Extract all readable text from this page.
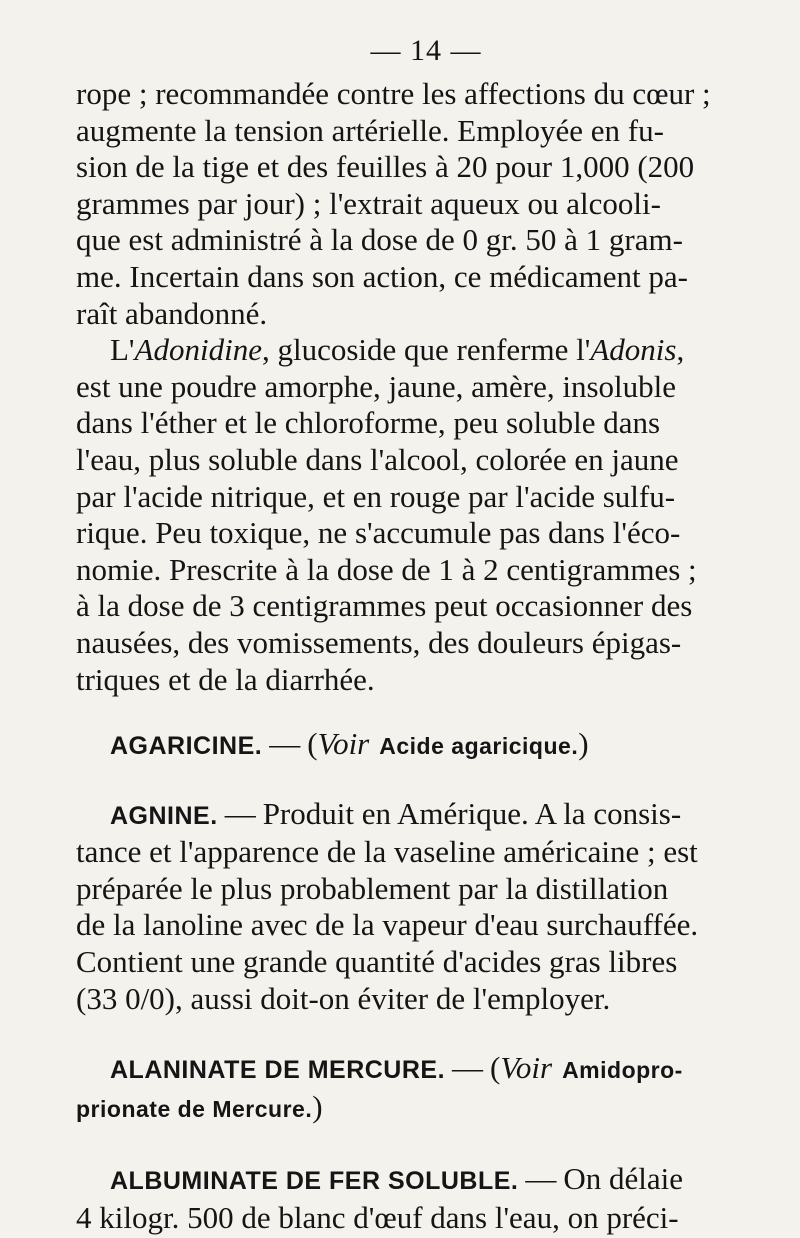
— 14 —

rope ; recommandée contre les affections du cœur ;
augmente la tension artérielle. Employée en fu-
sion de la tige et des feuilles à 20 pour 1,000 (200
grammes par jour) ; l'extrait aqueux ou alcooli-
que est administré à la dose de 0 gr. 50 à 1 gram-
me. Incertain dans son action, ce médicament pa-
raît abandonné.

L'Adonidine, glucoside que renferme l'Adonis,
est une poudre amorphe, jaune, amère, insoluble
dans l'éther et le chloroforme, peu soluble dans
l'eau, plus soluble dans l'alcool, colorée en jaune
par l'acide nitrique, et en rouge par l'acide sulfu-
rique. Peu toxique, ne s'accumule pas dans l'éco-
nomie. Prescrite à la dose de 1 à 2 centigrammes ;
à la dose de 3 centigrammes peut occasionner des
nausées, des vomissements, des douleurs épigas-
triques et de la diarrhée.

AGARICINE. — (Voir Acide agaricique.)

AGNINE. — Produit en Amérique. A la consis-
tance et l'apparence de la vaseline américaine ; est
préparée le plus probablement par la distillation
de la lanoline avec de la vapeur d'eau surchauffée.
Contient une grande quantité d'acides gras libres
(33 0/0), aussi doit-on éviter de l'employer.

ALANINATE DE MERCURE. — (Voir Amidopro-
prionate de Mercure.)

ALBUMINATE DE FER SOLUBLE. — On délaie
4 kilogr. 500 de blanc d'œuf dans l'eau, on préci-
